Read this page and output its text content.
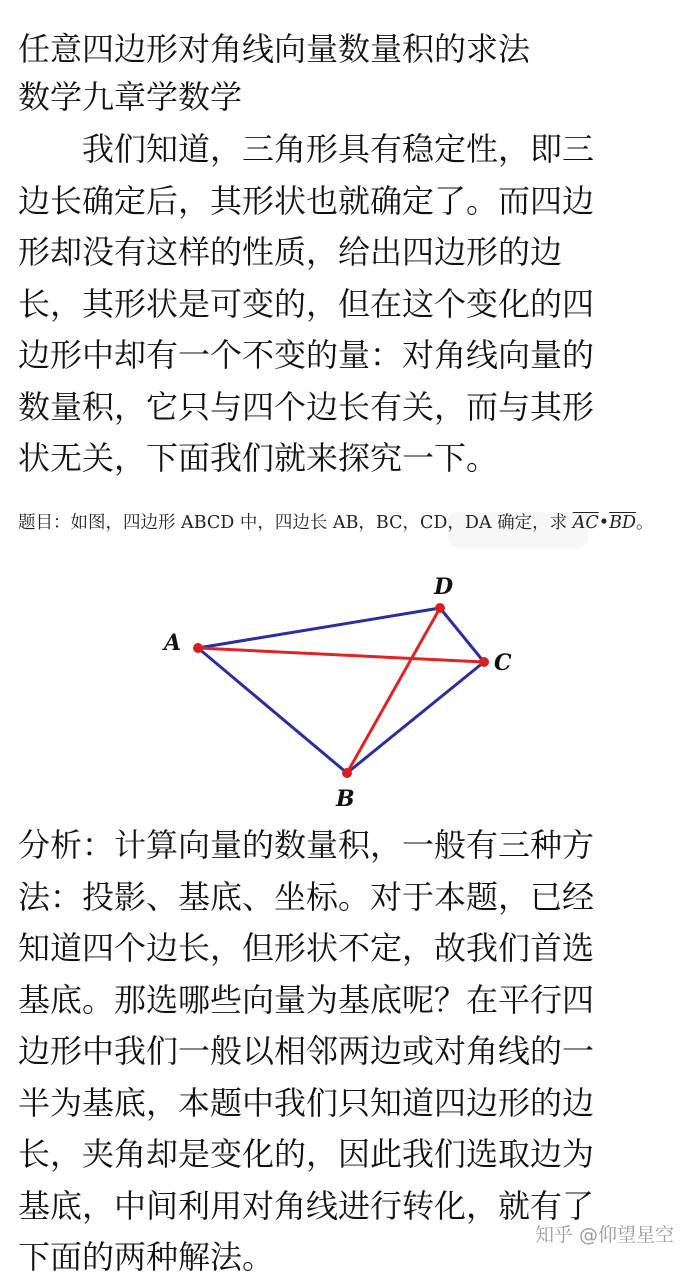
任意四边形对角线向量数量积的求法
数学九章学数学
　　我们知道，三角形具有稳定性，即三
边长确定后，其形状也就确定了。而四边
形却没有这样的性质，给出四边形的边
长，其形状是可变的，但在这个变化的四
边形中却有一个不变的量：对角线向量的
数量积，它只与四个边长有关，而与其形
状无关，下面我们就来探究一下。
题目：如图，四边形 ABCD 中，四边长 AB，BC，CD，DA 确定，求 $\overline{AC}•\overline{BD}$。
A
B
C
D
分析：计算向量的数量积，一般有三种方
法：投影、基底、坐标。对于本题，已经
知道四个边长，但形状不定，故我们首选
基底。那选哪些向量为基底呢？在平行四
边形中我们一般以相邻两边或对角线的一
半为基底，本题中我们只知道四边形的边
长，夹角却是变化的，因此我们选取边为
基底，中间利用对角线进行转化，就有了
下面的两种解法。
知乎 @仰望星空
